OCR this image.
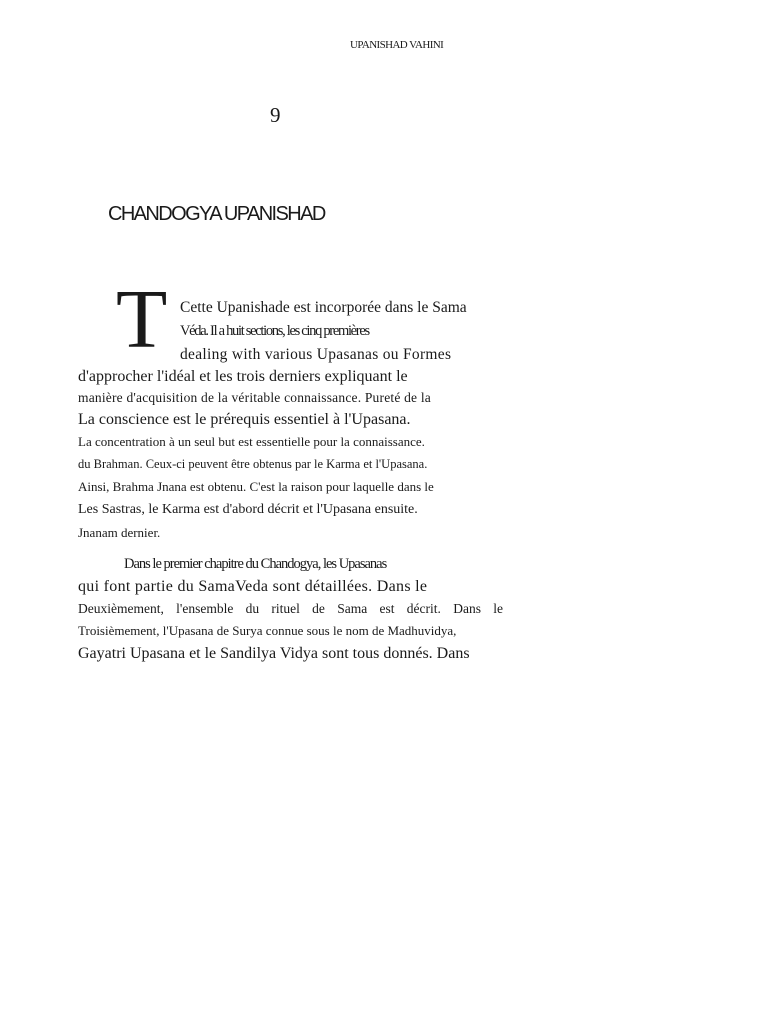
UPANISHAD VAHINI
9
CHANDOGYA UPANISHAD
T Cette Upanishade est incorporée dans le Sama
Véda. Il a huit sections, les cinq premières
dealing with various Upasanas ou Formes
d'approcher l'idéal et les trois derniers expliquant le
manière d'acquisition de la véritable connaissance. Pureté de la
La conscience est le prérequis essentiel à l'Upasana.
La concentration à un seul but est essentielle pour la connaissance.
du Brahman. Ceux-ci peuvent être obtenus par le Karma et l'Upasana.
Ainsi, Brahma Jnana est obtenu. C'est la raison pour laquelle dans le
Les Sastras, le Karma est d'abord décrit et l'Upasana ensuite.
Jnanam dernier.
Dans le premier chapitre du Chandogya, les Upasanas
qui font partie du SamaVeda sont détaillées. Dans le
Deuxièmement, l'ensemble du rituel de Sama est décrit. Dans le
Troisièmement, l'Upasana de Surya connue sous le nom de Madhuvidya,
Gayatri Upasana et le Sandilya Vidya sont tous donnés. Dans
